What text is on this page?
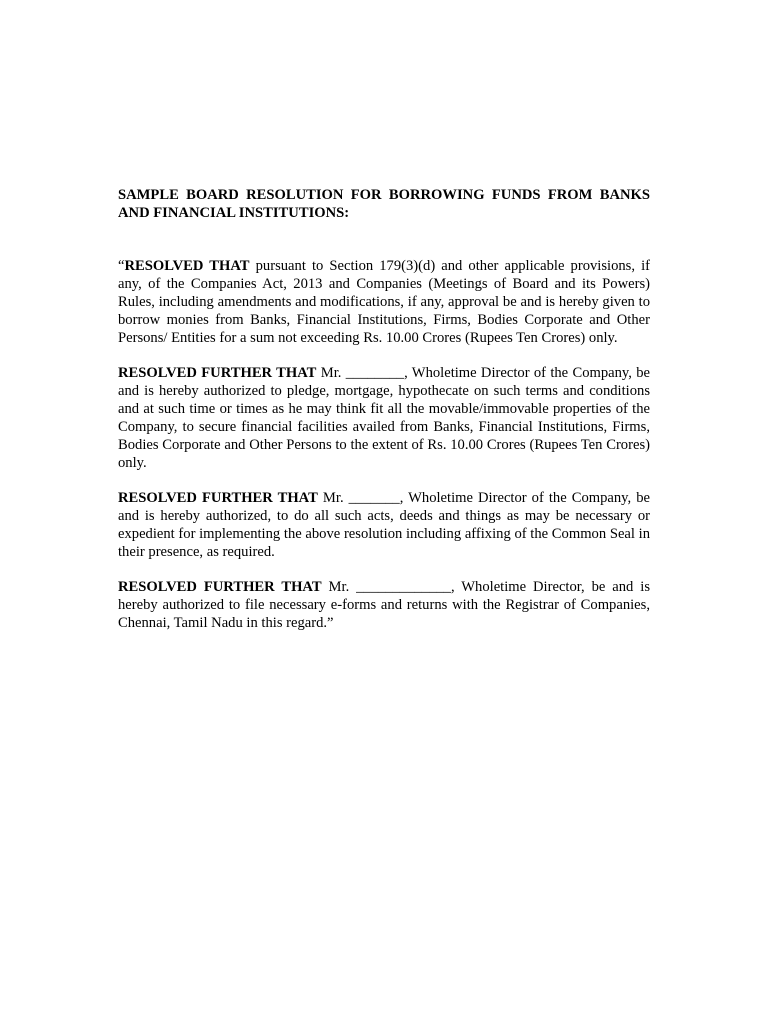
SAMPLE BOARD RESOLUTION FOR BORROWING FUNDS FROM BANKS AND FINANCIAL INSTITUTIONS:

“RESOLVED THAT pursuant to Section 179(3)(d) and other applicable provisions, if any, of the Companies Act, 2013 and Companies (Meetings of Board and its Powers) Rules, including amendments and modifications, if any, approval be and is hereby given to borrow monies from Banks, Financial Institutions, Firms, Bodies Corporate and Other Persons/ Entities for a sum not exceeding Rs. 10.00 Crores (Rupees Ten Crores) only.

RESOLVED FURTHER THAT Mr. ________, Wholetime Director of the Company, be and is hereby authorized to pledge, mortgage, hypothecate on such terms and conditions and at such time or times as he may think fit all the movable/immovable properties of the Company, to secure financial facilities availed from Banks, Financial Institutions, Firms, Bodies Corporate and Other Persons to the extent of Rs. 10.00 Crores (Rupees Ten Crores) only.

RESOLVED FURTHER THAT Mr. _______, Wholetime Director of the Company, be and is hereby authorized, to do all such acts, deeds and things as may be necessary or expedient for implementing the above resolution including affixing of the Common Seal in their presence, as required.

RESOLVED FURTHER THAT Mr. _____________, Wholetime Director, be and is hereby authorized to file necessary e-forms and returns with the Registrar of Companies, Chennai, Tamil Nadu in this regard.”
